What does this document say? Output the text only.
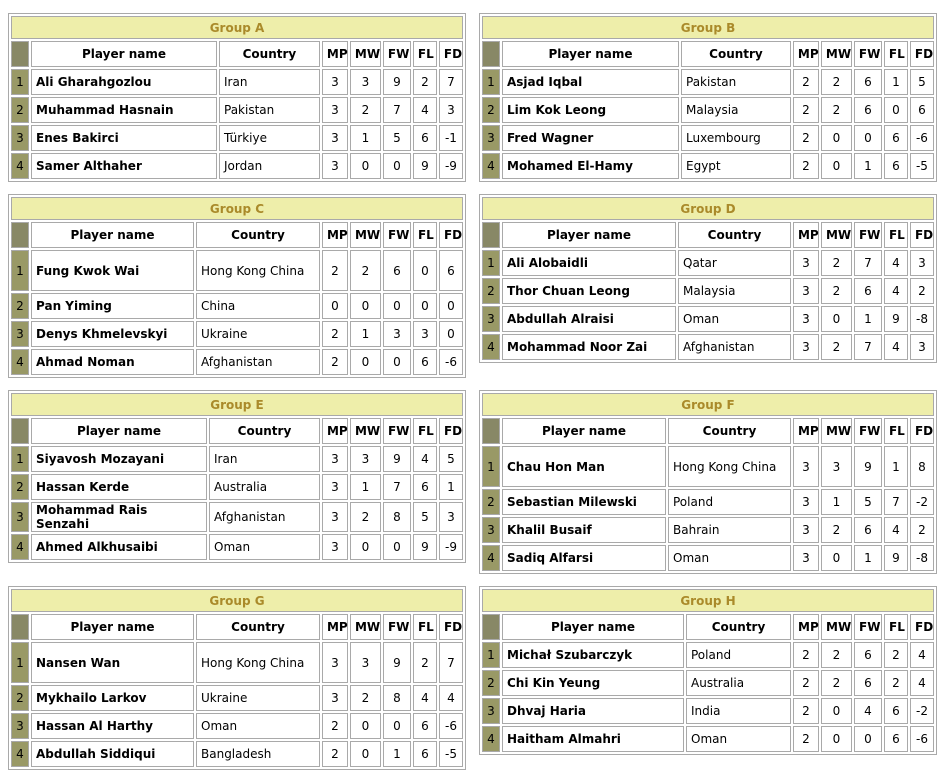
Group A							
	Player name	Country	MP	MW	FW	FL	FD
1	Ali Gharahgozlou	Iran	3	3	9	2	7
2	Muhammad Hasnain	Pakistan	3	2	7	4	3
3	Enes Bakirci	Türkiye	3	1	5	6	-1
4	Samer Althaher	Jordan	3	0	0	9	-9
Group B							
	Player name	Country	MP	MW	FW	FL	FD
1	Asjad Iqbal	Pakistan	2	2	6	1	5
2	Lim Kok Leong	Malaysia	2	2	6	0	6
3	Fred Wagner	Luxembourg	2	0	0	6	-6
4	Mohamed El-Hamy	Egypt	2	0	1	6	-5
Group C							
	Player name	Country	MP	MW	FW	FL	FD
1	Fung Kwok Wai	Hong Kong China	2	2	6	0	6
2	Pan Yiming	China	0	0	0	0	0
3	Denys Khmelevskyi	Ukraine	2	1	3	3	0
4	Ahmad Noman	Afghanistan	2	0	0	6	-6
Group D							
	Player name	Country	MP	MW	FW	FL	FD
1	Ali Alobaidli	Qatar	3	2	7	4	3
2	Thor Chuan Leong	Malaysia	3	2	6	4	2
3	Abdullah Alraisi	Oman	3	0	1	9	-8
4	Mohammad Noor Zai	Afghanistan	3	2	7	4	3
Group E							
	Player name	Country	MP	MW	FW	FL	FD
1	Siyavosh Mozayani	Iran	3	3	9	4	5
2	Hassan Kerde	Australia	3	1	7	6	1
3	Mohammad Rais Senzahi	Afghanistan	3	2	8	5	3
4	Ahmed Alkhusaibi	Oman	3	0	0	9	-9
Group F							
	Player name	Country	MP	MW	FW	FL	FD
1	Chau Hon Man	Hong Kong China	3	3	9	1	8
2	Sebastian Milewski	Poland	3	1	5	7	-2
3	Khalil Busaif	Bahrain	3	2	6	4	2
4	Sadiq Alfarsi	Oman	3	0	1	9	-8
Group G							
	Player name	Country	MP	MW	FW	FL	FD
1	Nansen Wan	Hong Kong China	3	3	9	2	7
2	Mykhailo Larkov	Ukraine	3	2	8	4	4
3	Hassan Al Harthy	Oman	2	0	0	6	-6
4	Abdullah Siddiqui	Bangladesh	2	0	1	6	-5
Group H							
	Player name	Country	MP	MW	FW	FL	FD
1	Michał Szubarczyk	Poland	2	2	6	2	4
2	Chi Kin Yeung	Australia	2	2	6	2	4
3	Dhvaj Haria	India	2	0	4	6	-2
4	Haitham Almahri	Oman	2	0	0	6	-6
